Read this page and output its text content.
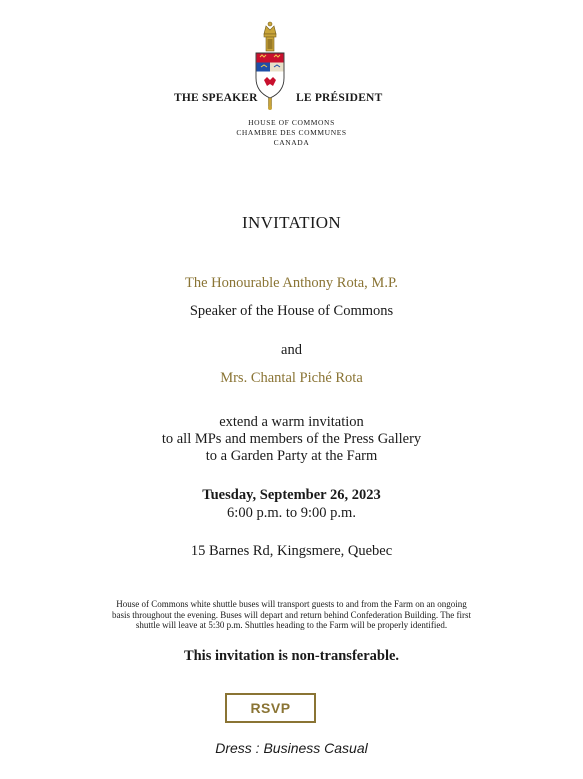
THE SPEAKER	LE PRÉSIDENT
HOUSE OF COMMONS
CHAMBRE DES COMMUNES
CANADA
INVITATION
The Honourable Anthony Rota, M.P.
Speaker of the House of Commons
and
Mrs. Chantal Piché Rota
extend a warm invitation
to all MPs and members of the Press Gallery
to a Garden Party at the Farm
Tuesday, September 26, 2023
6:00 p.m. to 9:00 p.m.
15 Barnes Rd, Kingsmere, Quebec
House of Commons white shuttle buses will transport guests to and from the Farm on an ongoing
basis throughout the evening. Buses will depart and return behind Confederation Building. The first
shuttle will leave at 5:30 p.m. Shuttles heading to the Farm will be properly identified.
This invitation is non-transferable.
RSVP
Dress : Business Casual
